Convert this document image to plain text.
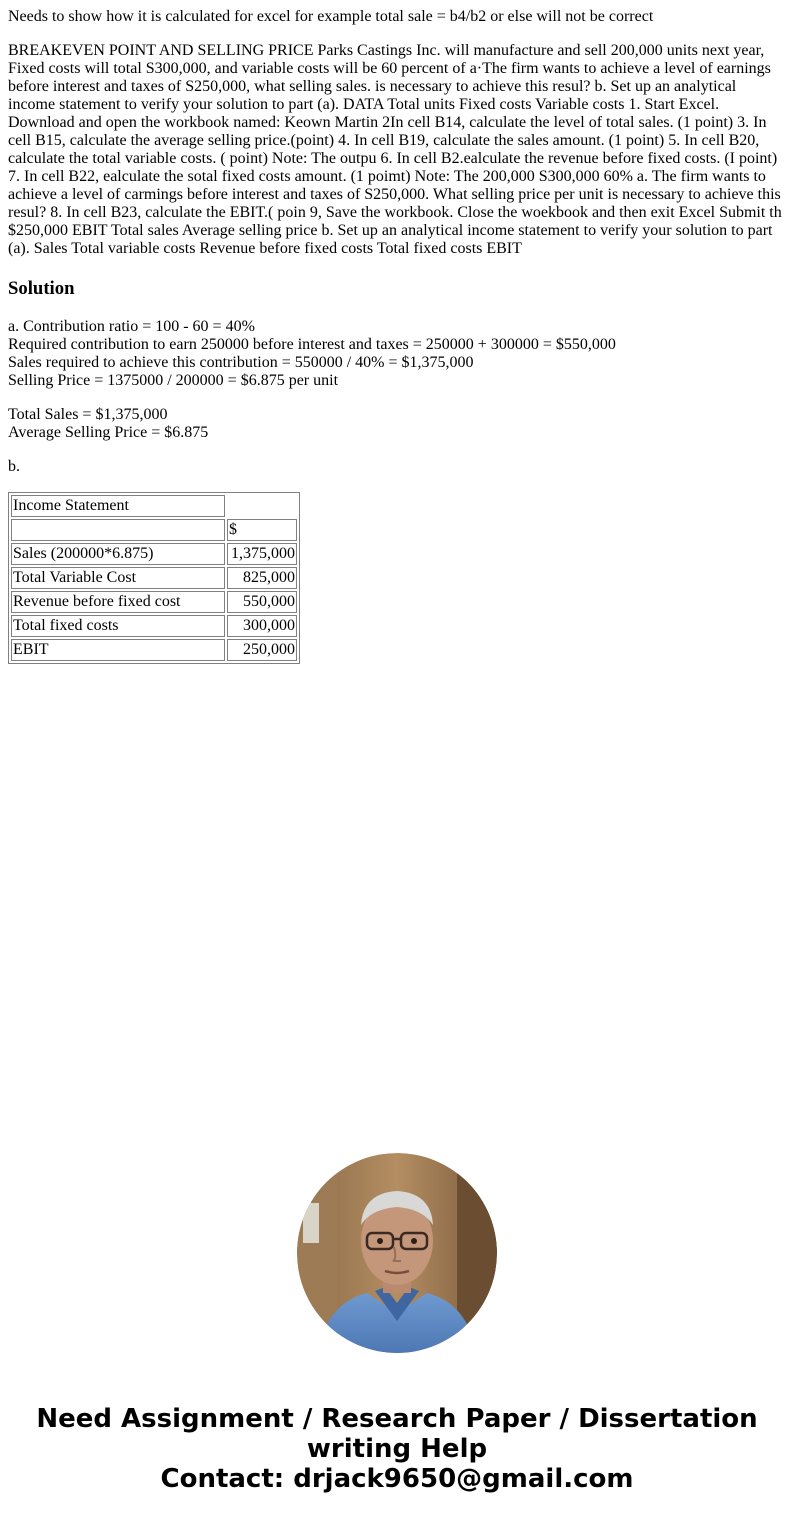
Needs to show how it is calculated for excel for example total sale = b4/b2 or else will not be correct

BREAKEVEN POINT AND SELLING PRICE Parks Castings Inc. will manufacture and sell 200,000 units next year, Fixed costs will total S300,000, and variable costs will be 60 percent of a·The firm wants to achieve a level of earnings before interest and taxes of S250,000, what selling sales. is necessary to achieve this resul? b. Set up an analytical income statement to verify your solution to part (a). DATA Total units Fixed costs Variable costs 1. Start Excel. Download and open the workbook named: Keown Martin 2In cell B14, calculate the level of total sales. (1 point) 3. In cell B15, calculate the average selling price.(point) 4. In cell B19, calculate the sales amount. (1 point) 5. In cell B20, calculate the total variable costs. ( point) Note: The outpu 6. In cell B2.ealculate the revenue before fixed costs. (I point) 7. In cell B22, ealculate the sotal fixed costs amount. (1 poimt) Note: The 200,000 S300,000 60% a. The firm wants to achieve a level of carmings before interest and taxes of S250,000. What selling price per unit is necessary to achieve this resul? 8. In cell B23, calculate the EBIT.( poin 9, Save the workbook. Close the woekbook and then exit Excel Submit th $250,000 EBIT Total sales Average selling price b. Set up an analytical income statement to verify your solution to part (a). Sales Total variable costs Revenue before fixed costs Total fixed costs EBIT

Solution
a. Contribution ratio = 100 - 60 = 40%
Required contribution to earn 250000 before interest and taxes = 250000 + 300000 = $550,000
Sales required to achieve this contribution = 550000 / 40% = $1,375,000
Selling Price = 1375000 / 200000 = $6.875 per unit
Total Sales = $1,375,000
Average Selling Price = $6.875
b.
Income Statement	
	$
Sales (200000*6.875)	1,375,000
Total Variable Cost	825,000
Revenue before fixed cost	550,000
Total fixed costs	300,000
EBIT	250,000
Need Assignment / Research Paper / Dissertation
writing Help
Contact: drjack9650@gmail.com
